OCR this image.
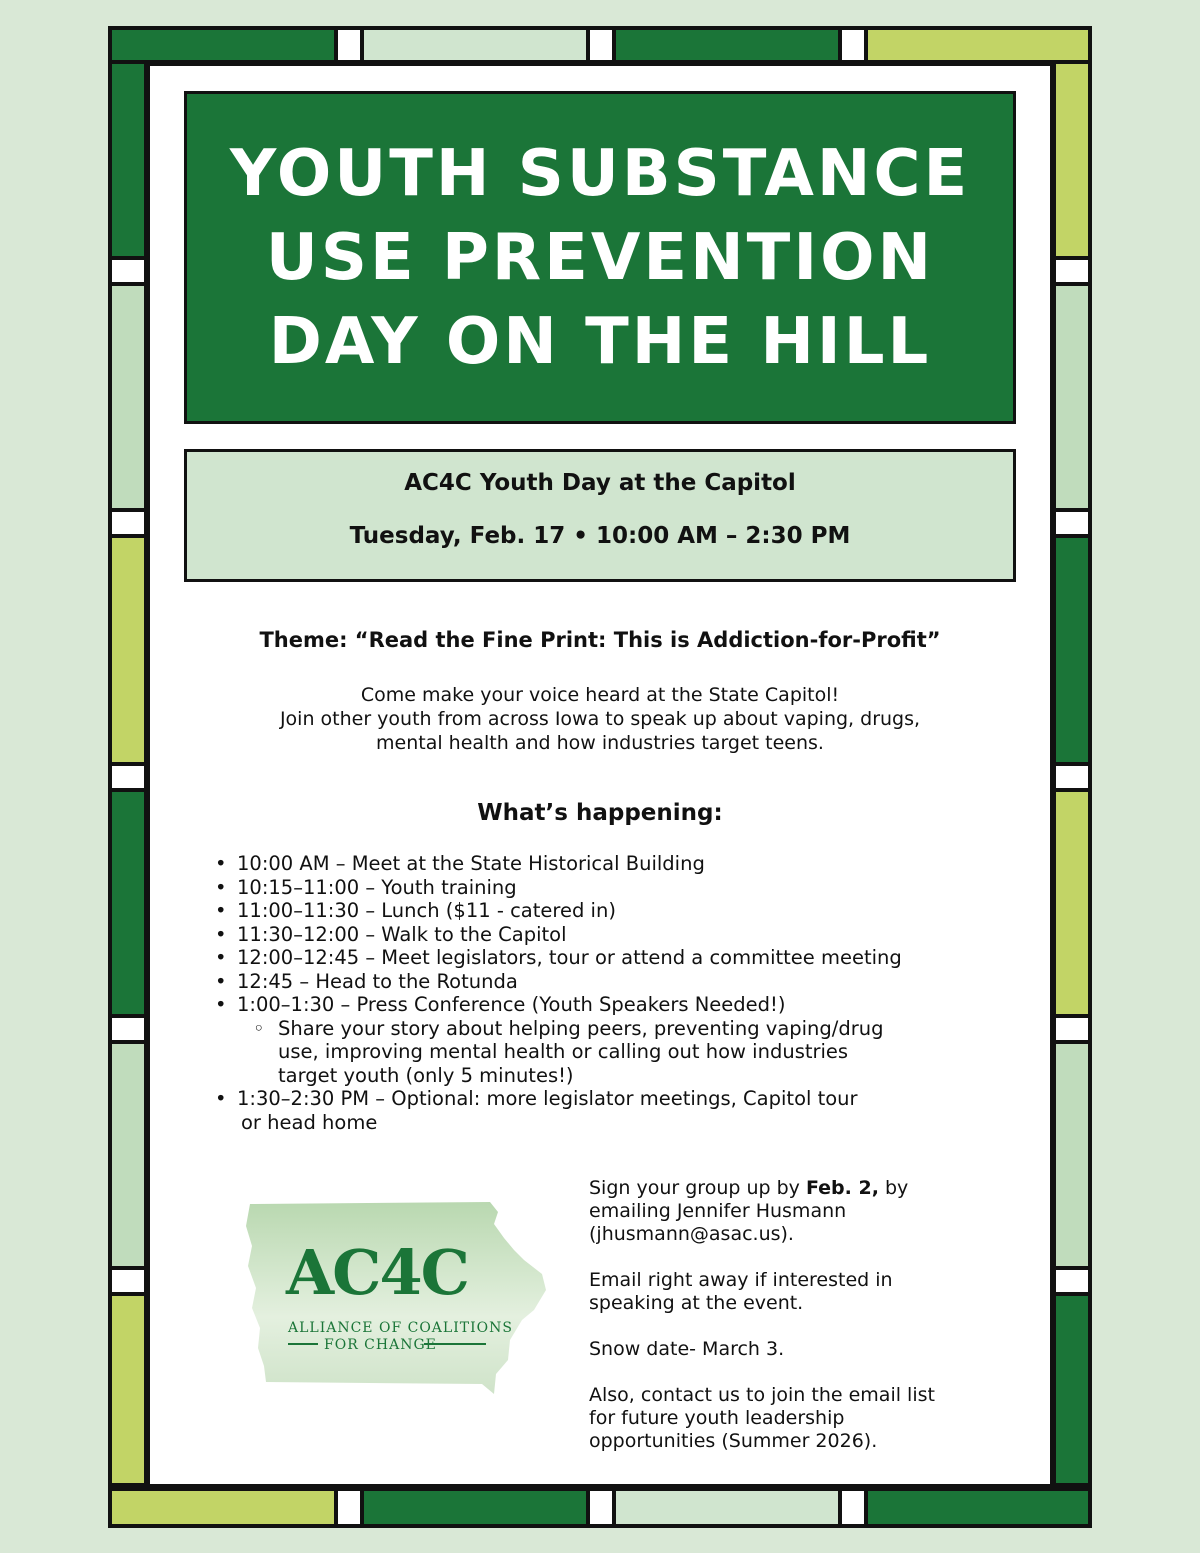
YOUTH SUBSTANCE
USE PREVENTION
DAY ON THE HILL
AC4C Youth Day at the Capitol
Tuesday, Feb. 17 • 10:00 AM – 2:30 PM
Theme: “Read the Fine Print: This is Addiction-for-Profit”
Come make your voice heard at the State Capitol!
Join other youth from across Iowa to speak up about vaping, drugs,
mental health and how industries target teens.
What’s happening:
• 10:00 AM – Meet at the State Historical Building
• 10:15–11:00 – Youth training
• 11:00–11:30 – Lunch ($11 - catered in)
• 11:30–12:00 – Walk to the Capitol
• 12:00–12:45 – Meet legislators, tour or attend a committee meeting
• 12:45 – Head to the Rotunda
• 1:00–1:30 – Press Conference (Youth Speakers Needed!)
◦ Share your story about helping peers, preventing vaping/drug
use, improving mental health or calling out how industries
target youth (only 5 minutes!)
• 1:30–2:30 PM – Optional: more legislator meetings, Capitol tour
or head home
AC4C
ALLIANCE OF COALITIONS
FOR CHANGE

Sign your group up by Feb. 2, by
emailing Jennifer Husmann
(jhusmann@asac.us).

Email right away if interested in
speaking at the event.

Snow date- March 3.

Also, contact us to join the email list
for future youth leadership
opportunities (Summer 2026).
